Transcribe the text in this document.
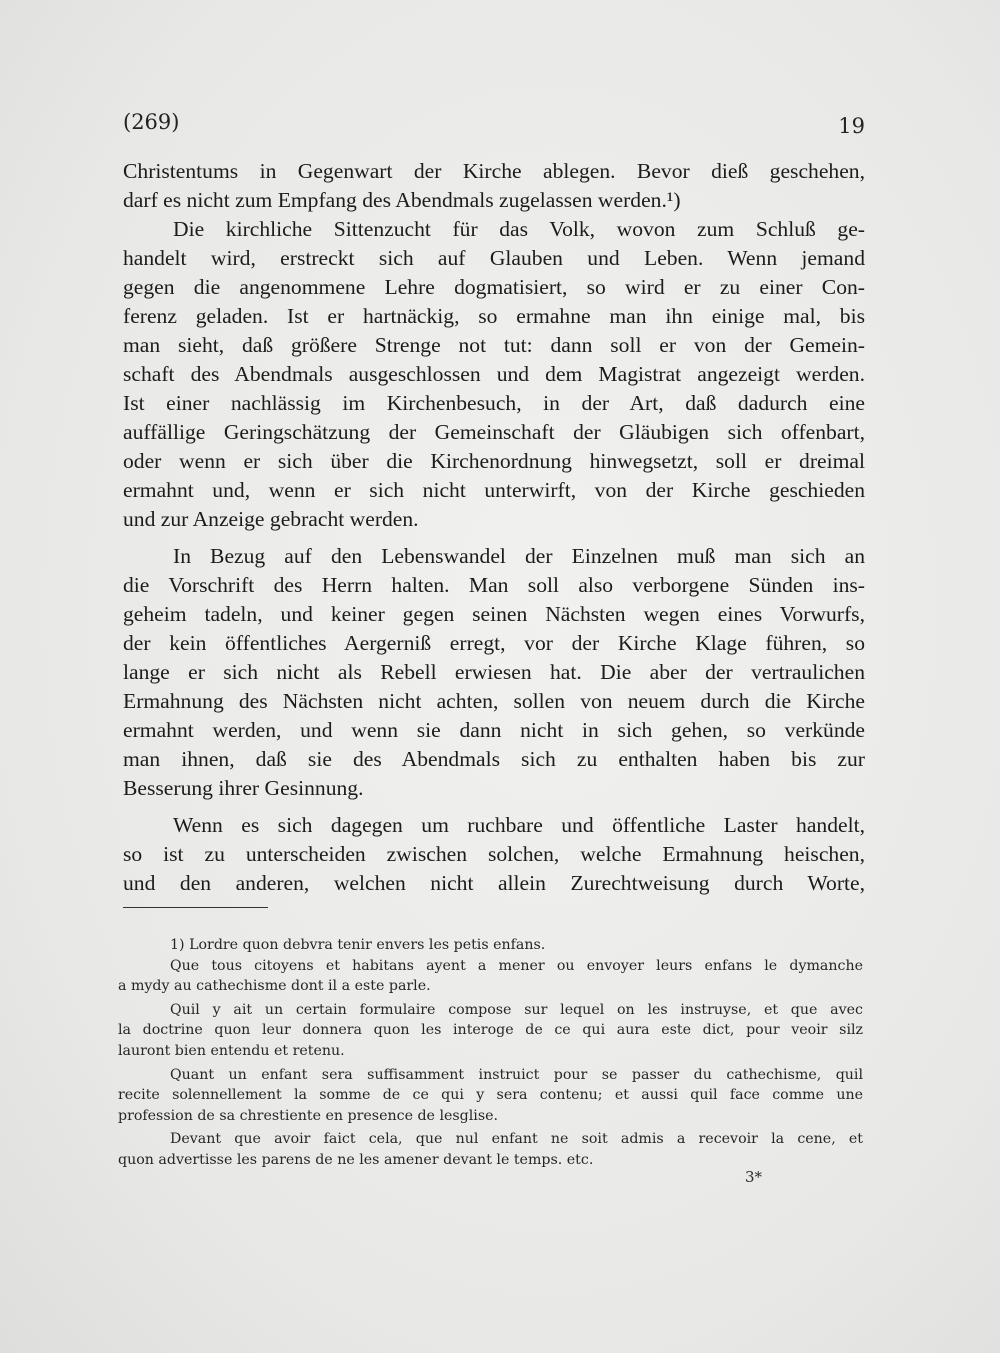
(269)	19
Christentums in Gegenwart der Kirche ablegen. Bevor dieß geschehen,
darf es nicht zum Empfang des Abendmals zugelassen werden.¹)
Die kirchliche Sittenzucht für das Volk, wovon zum Schluß ge-
handelt wird, erstreckt sich auf Glauben und Leben. Wenn jemand
gegen die angenommene Lehre dogmatisiert, so wird er zu einer Con-
ferenz geladen. Ist er hartnäckig, so ermahne man ihn einige mal, bis
man sieht, daß größere Strenge not tut: dann soll er von der Gemein-
schaft des Abendmals ausgeschlossen und dem Magistrat angezeigt werden.
Ist einer nachlässig im Kirchenbesuch, in der Art, daß dadurch eine
auffällige Geringschätzung der Gemeinschaft der Gläubigen sich offenbart,
oder wenn er sich über die Kirchenordnung hinwegsetzt, soll er dreimal
ermahnt und, wenn er sich nicht unterwirft, von der Kirche geschieden
und zur Anzeige gebracht werden.
In Bezug auf den Lebenswandel der Einzelnen muß man sich an
die Vorschrift des Herrn halten. Man soll also verborgene Sünden ins-
geheim tadeln, und keiner gegen seinen Nächsten wegen eines Vorwurfs,
der kein öffentliches Aergerniß erregt, vor der Kirche Klage führen, so
lange er sich nicht als Rebell erwiesen hat. Die aber der vertraulichen
Ermahnung des Nächsten nicht achten, sollen von neuem durch die Kirche
ermahnt werden, und wenn sie dann nicht in sich gehen, so verkünde
man ihnen, daß sie des Abendmals sich zu enthalten haben bis zur
Besserung ihrer Gesinnung.
Wenn es sich dagegen um ruchbare und öffentliche Laster handelt,
so ist zu unterscheiden zwischen solchen, welche Ermahnung heischen,
und den anderen, welchen nicht allein Zurechtweisung durch Worte,
1) Lordre quon debvra tenir envers les petis enfans.
Que tous citoyens et habitans ayent a mener ou envoyer leurs enfans le dymanche
a mydy au cathechisme dont il a este parle.
Quil y ait un certain formulaire compose sur lequel on les instruyse, et que avec
la doctrine quon leur donnera quon les interoge de ce qui aura este dict, pour veoir silz
lauront bien entendu et retenu.
Quant un enfant sera suffisamment instruict pour se passer du cathechisme, quil
recite solennellement la somme de ce qui y sera contenu; et aussi quil face comme une
profession de sa chrestiente en presence de lesglise.
Devant que avoir faict cela, que nul enfant ne soit admis a recevoir la cene, et
quon advertisse les parens de ne les amener devant le temps. etc.
3*
